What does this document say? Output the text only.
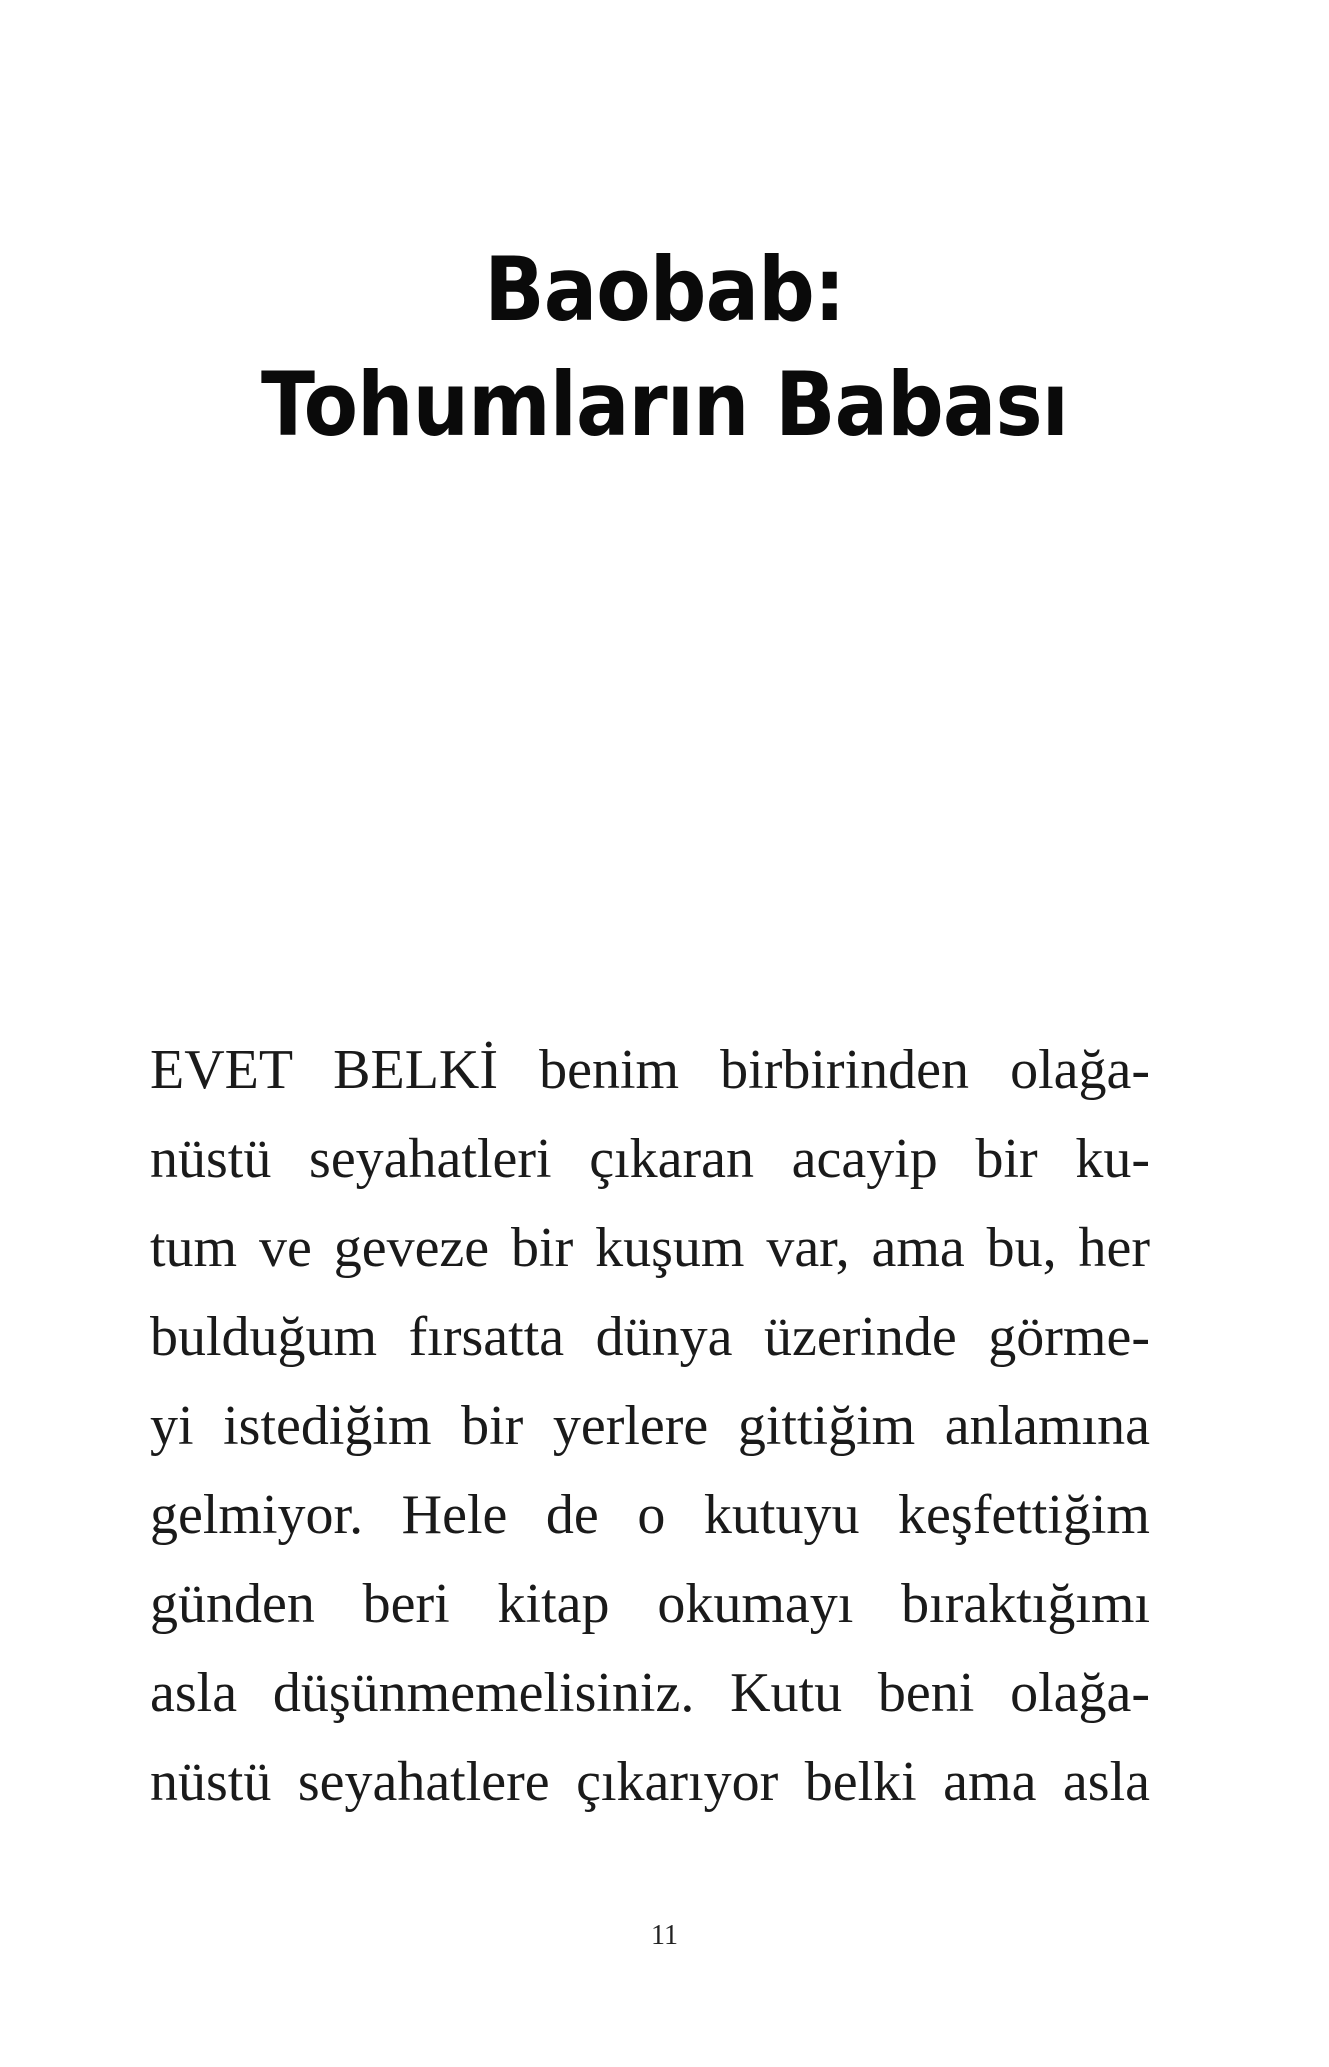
Baobab:
Tohumların Babası
EVET BELKİ benim birbirinden olağa-
nüstü seyahatleri çıkaran acayip bir ku-
tum ve geveze bir kuşum var, ama bu, her
bulduğum fırsatta dünya üzerinde görme-
yi istediğim bir yerlere gittiğim anlamına
gelmiyor. Hele de o kutuyu keşfettiğim
günden beri kitap okumayı bıraktığımı
asla düşünmemelisiniz. Kutu beni olağa-
nüstü seyahatlere çıkarıyor belki ama asla
11
